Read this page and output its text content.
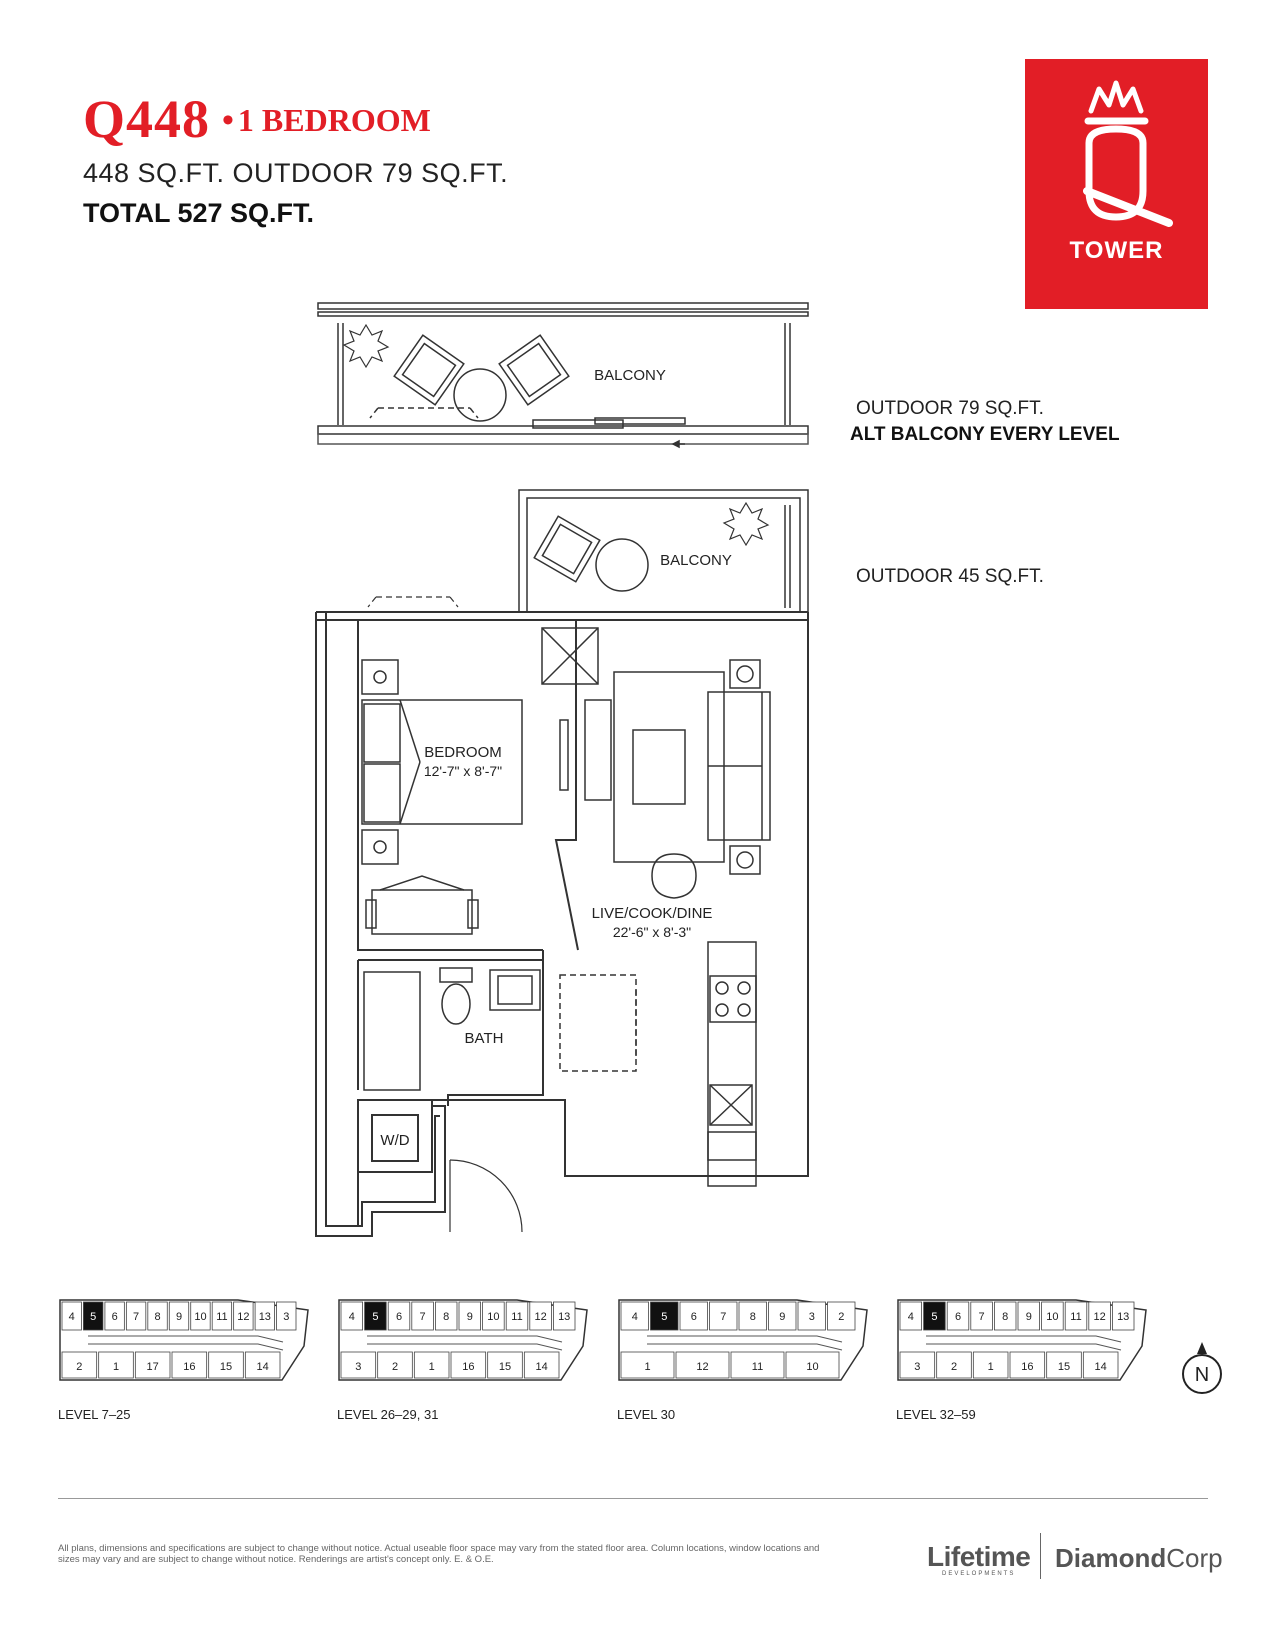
Q448 • 1 BEDROOM
448 SQ.FT. OUTDOOR 79 SQ.FT.
TOTAL 527 SQ.FT.
TOWER
BALCONY
BALCONY
BEDROOM
12'-7" x 8'-7"
LIVE/COOK/DINE
22'-6" x 8'-3"
BATH
W/D
OUTDOOR 79 SQ.FT.
ALT BALCONY EVERY LEVEL
OUTDOOR 45 SQ.FT.
4 5 6 7 8 9 10 11 12 13 3
2	1 17 16 15 14
LEVEL 7–25
4 5 6 7 8 9 10 11 12 13
3	2	1 16 15 14
LEVEL 26–29, 31
4 5 6 7 8 9 3 2
1	12	11	10
LEVEL 30
4 5 6 7 8 9 10 11 12 13
3	2	1 16 15 14
LEVEL 32–59
N
All plans, dimensions and specifications are subject to change without notice. Actual useable floor space may vary from the stated floor area. Column locations, window locations and sizes may vary and are subject to change without notice. Renderings are artist's concept only. E. & O.E.	Lifetime
DEVELOPMENTS
DiamondCorp
